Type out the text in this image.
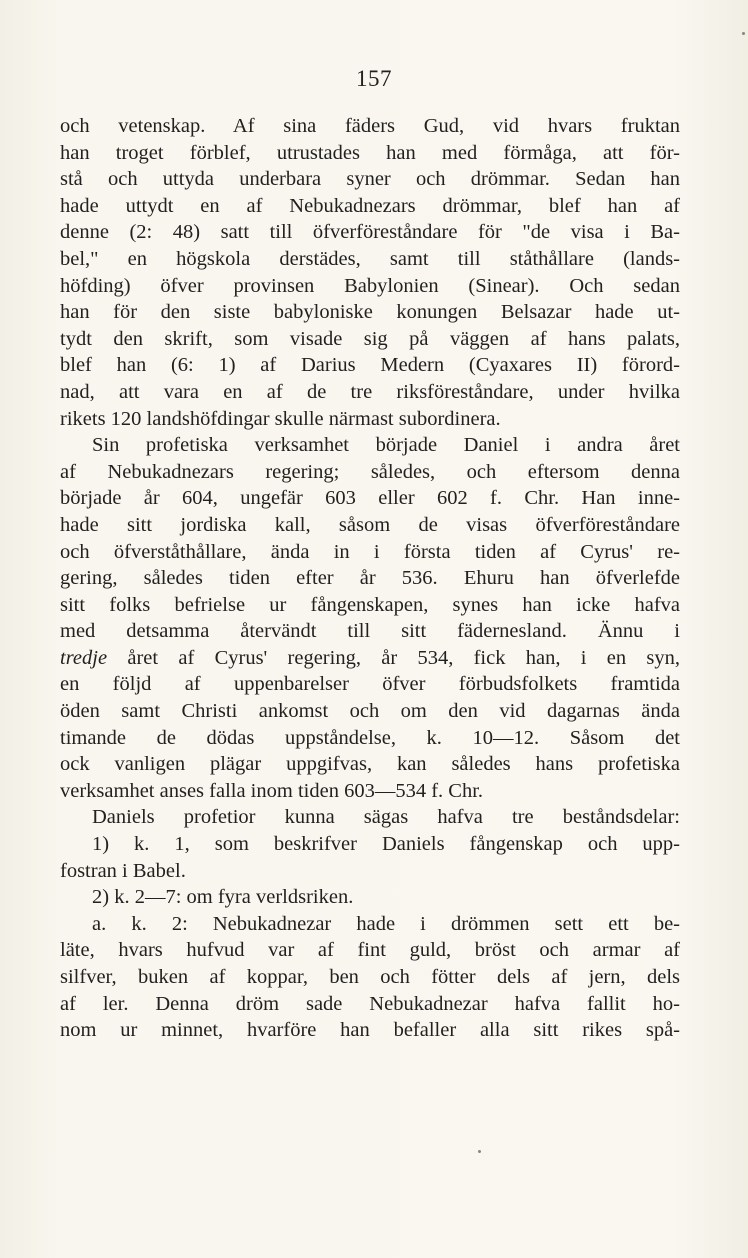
157
och vetenskap. Af sina fäders Gud, vid hvars fruktan
han troget förblef, utrustades han med förmåga, att för-
stå och uttyda underbara syner och drömmar. Sedan han
hade uttydt en af Nebukadnezars drömmar, blef han af
denne (2: 48) satt till öfverföreståndare för "de visa i Ba-
bel," en högskola derstädes, samt till ståthållare (lands-
höfding) öfver provinsen Babylonien (Sinear). Och sedan
han för den siste babyloniske konungen Belsazar hade ut-
tydt den skrift, som visade sig på väggen af hans palats,
blef han (6: 1) af Darius Medern (Cyaxares II) förord-
nad, att vara en af de tre riksföreståndare, under hvilka
rikets 120 landshöfdingar skulle närmast subordinera.
Sin profetiska verksamhet började Daniel i andra året
af Nebukadnezars regering; således, och eftersom denna
började år 604, ungefär 603 eller 602 f. Chr. Han inne-
hade sitt jordiska kall, såsom de visas öfverföreståndare
och öfverståthållare, ända in i första tiden af Cyrus' re-
gering, således tiden efter år 536. Ehuru han öfverlefde
sitt folks befrielse ur fångenskapen, synes han icke hafva
med detsamma återvändt till sitt fädernesland. Ännu i
tredje året af Cyrus' regering, år 534, fick han, i en syn,
en följd af uppenbarelser öfver förbudsfolkets framtida
öden samt Christi ankomst och om den vid dagarnas ända
timande de dödas uppståndelse, k. 10—12. Såsom det
ock vanligen plägar uppgifvas, kan således hans profetiska
verksamhet anses falla inom tiden 603—534 f. Chr.
Daniels profetior kunna sägas hafva tre beståndsdelar:
1) k. 1, som beskrifver Daniels fångenskap och upp-
fostran i Babel.
2) k. 2—7: om fyra verldsriken.
a. k. 2: Nebukadnezar hade i drömmen sett ett be-
läte, hvars hufvud var af fint guld, bröst och armar af
silfver, buken af koppar, ben och fötter dels af jern, dels
af ler. Denna dröm sade Nebukadnezar hafva fallit ho-
nom ur minnet, hvarföre han befaller alla sitt rikes spå-
